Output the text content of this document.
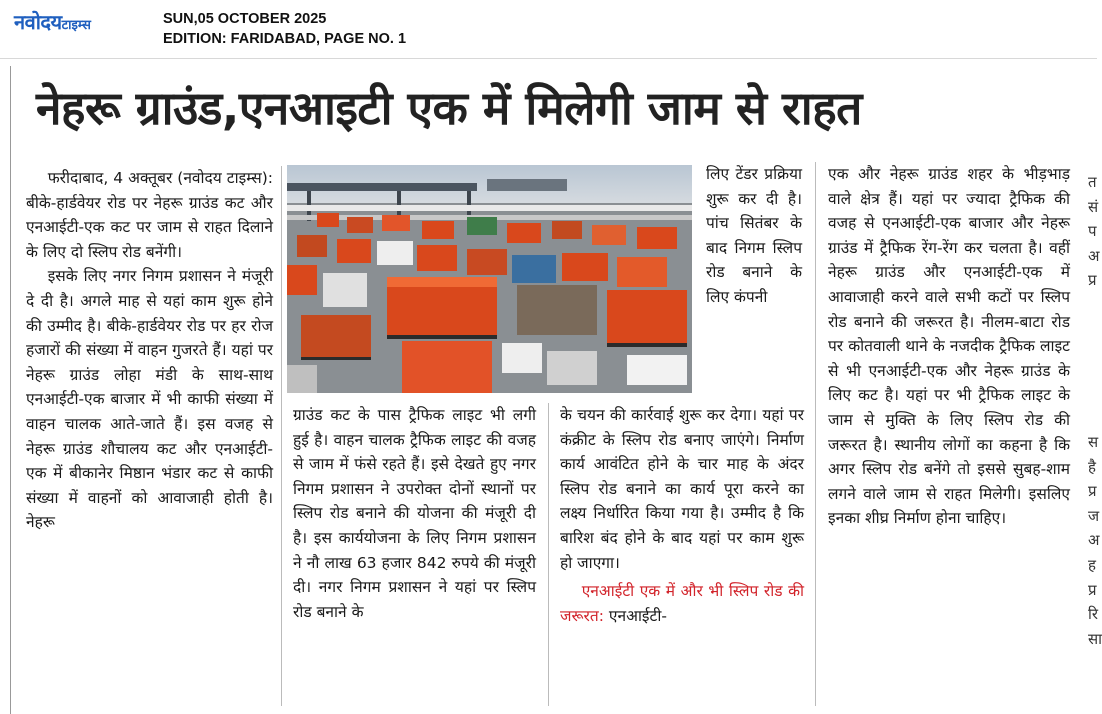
नवोदयटाइम्स	SUN,05 OCTOBER 2025
EDITION: FARIDABAD, PAGE NO. 1
नेहरू ग्राउंड,एनआइटी एक में मिलेगी जाम से राहत

फरीदाबाद, 4 अक्तूबर (नवोदय टाइम्स): बीके-हार्डवेयर रोड पर नेहरू ग्राउंड कट और एनआईटी-एक कट पर जाम से राहत दिलाने के लिए दो स्लिप रोड बनेंगी।

इसके लिए नगर निगम प्रशासन ने मंजूरी दे दी है। अगले माह से यहां काम शुरू होने की उम्मीद है। बीके-हार्डवेयर रोड पर हर रोज हजारों की संख्या में वाहन गुजरते हैं। यहां पर नेहरू ग्राउंड लोहा मंडी के साथ-साथ एनआईटी-एक बाजार में भी काफी संख्या में वाहन चालक आते-जाते हैं। इस वजह से नेहरू ग्राउंड शौचालय कट और एनआईटी-एक में बीकानेर मिष्ठान भंडार कट से काफी संख्या में वाहनों को आवाजाही होती है। नेहरू

लिए टेंडर प्रक्रिया शुरू कर दी है।पांच सितंबर के बाद निगम स्लिप रोड बनाने के लिए कंपनी
ग्राउंड कट के पास ट्रैफिक लाइट भी लगी हुई है। वाहन चालक ट्रैफिक लाइट की वजह से जाम में फंसे रहते हैं। इसे देखते हुए नगर निगम प्रशासन ने उपरोक्त दोनों स्थानों पर स्लिप रोड बनाने की योजना की मंजूरी दी है। इस कार्ययोजना के लिए निगम प्रशासन ने नौ लाख 63 हजार 842 रुपये की मंजूरी दी। नगर निगम प्रशासन ने यहां पर स्लिप रोड बनाने के

के चयन की कार्रवाई शुरू कर देगा। यहां पर कंक्रीट के स्लिप रोड बनाए जाएंगे। निर्माण कार्य आवंटित होने के चार माह के अंदर स्लिप रोड बनाने का कार्य पूरा करने का लक्ष्य निर्धारित किया गया है। उम्मीद है कि बारिश बंद होने के बाद यहां पर काम शुरू हो जाएगा।

एनआईटी एक में और भी स्लिप रोड की जरूरत: एनआईटी-

एक और नेहरू ग्राउंड शहर के भीड़भाड़ वाले क्षेत्र हैं। यहां पर ज्यादा ट्रैफिक की वजह से एनआईटी-एक बाजार और नेहरू ग्राउंड में ट्रैफिक रेंग-रेंग कर चलता है। वहीं नेहरू ग्राउंड और एनआईटी-एक में आवाजाही करने वाले सभी कटों पर स्लिप रोड बनाने की जरूरत है। नीलम-बाटा रोड पर कोतवाली थाने के नजदीक ट्रैफिक लाइट से भी एनआईटी-एक और नेहरू ग्राउंड के लिए कट है। यहां पर भी ट्रैफिक लाइट के जाम से मुक्ति के लिए स्लिप रोड की जरूरत है। स्थानीय लोगों का कहना है कि अगर स्लिप रोड बनेंगे तो इससे सुबह-शाम लगने वाले जाम से राहत मिलेगी। इसलिए इनका शीघ्र निर्माण होना चाहिए।
त सं प अ प्र
स है प्र ज अ ह प्र रि सा
